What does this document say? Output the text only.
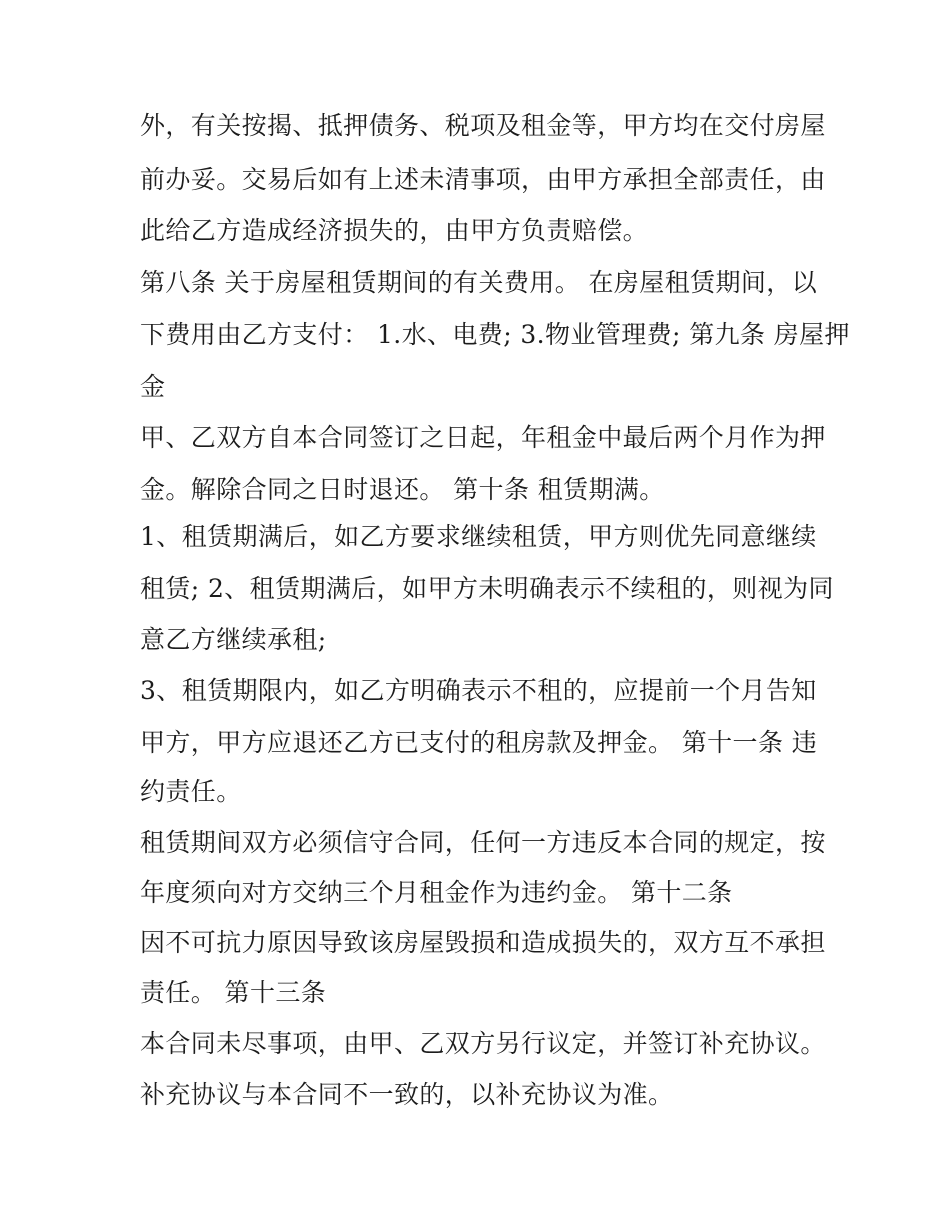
外，有关按揭、抵押债务、税项及租金等，甲方均在交付房屋
前办妥。交易后如有上述未清事项，由甲方承担全部责任，由
此给乙方造成经济损失的，由甲方负责赔偿。
第八条 关于房屋租赁期间的有关费用。 在房屋租赁期间，以
下费用由乙方支付： 1.水、电费; 3.物业管理费; 第九条 房屋押
金
甲、乙双方自本合同签订之日起，年租金中最后两个月作为押
金。解除合同之日时退还。 第十条 租赁期满。
1、租赁期满后，如乙方要求继续租赁，甲方则优先同意继续
租赁; 2、租赁期满后，如甲方未明确表示不续租的，则视为同
意乙方继续承租;
3、租赁期限内，如乙方明确表示不租的，应提前一个月告知
甲方，甲方应退还乙方已支付的租房款及押金。 第十一条 违
约责任。
租赁期间双方必须信守合同，任何一方违反本合同的规定，按
年度须向对方交纳三个月租金作为违约金。 第十二条
因不可抗力原因导致该房屋毁损和造成损失的，双方互不承担
责任。 第十三条
本合同未尽事项，由甲、乙双方另行议定，并签订补充协议。
补充协议与本合同不一致的，以补充协议为准。
